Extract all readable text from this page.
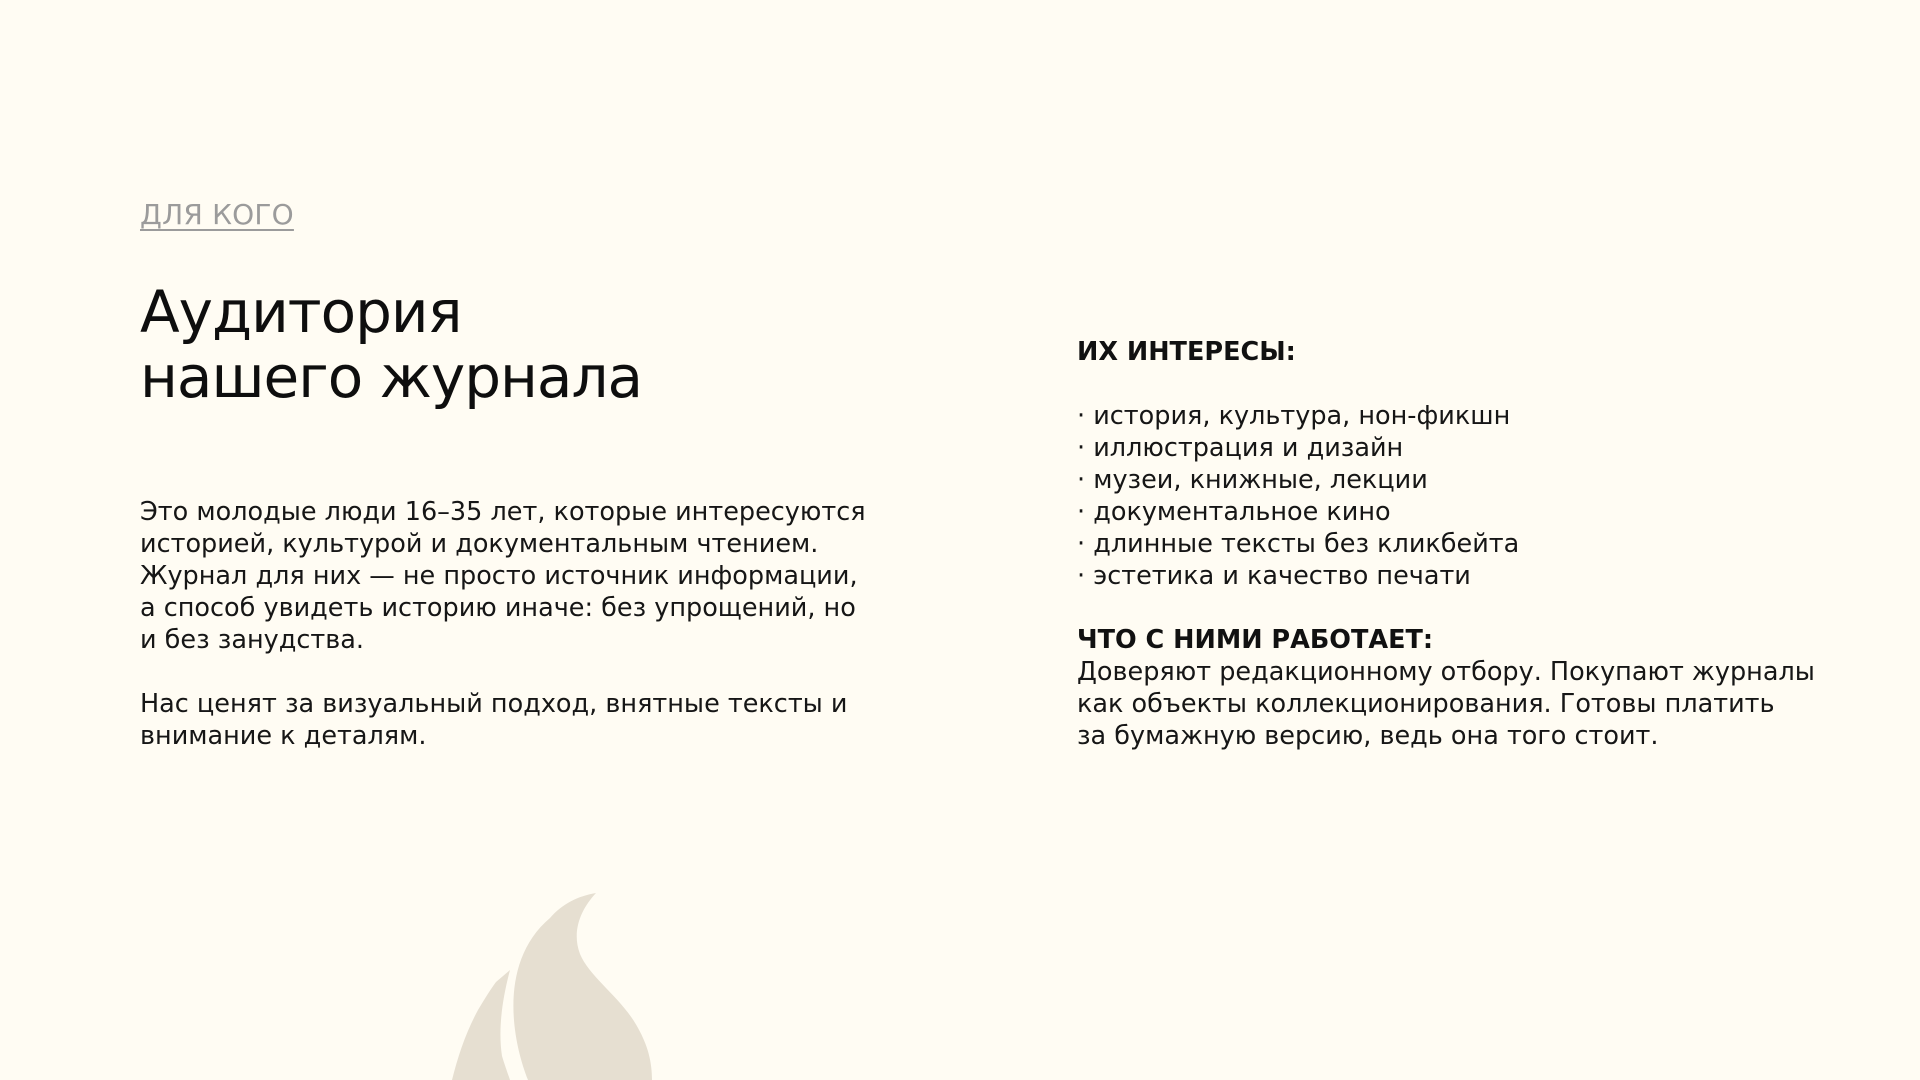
ДЛЯ КОГО
Аудитория
нашего журнала

Это молодые люди 16–35 лет, которые интересуются историей, культурой и документальным чтением. Журнал для них — не просто источник информации, а способ увидеть историю иначе: без упрощений, но и без занудства.

Нас ценят за визуальный подход, внятные тексты и внимание к деталям.

ИХ ИНТЕРЕСЫ:
· история, культура, нон-фикшн
· иллюстрация и дизайн
· музеи, книжные, лекции
· документальное кино
· длинные тексты без кликбейта
· эстетика и качество печати
ЧТО С НИМИ РАБОТАЕТ:

Доверяют редакционному отбору. Покупают журналы
как объекты коллекционирования. Готовы платить
за бумажную версию, ведь она того стоит.
